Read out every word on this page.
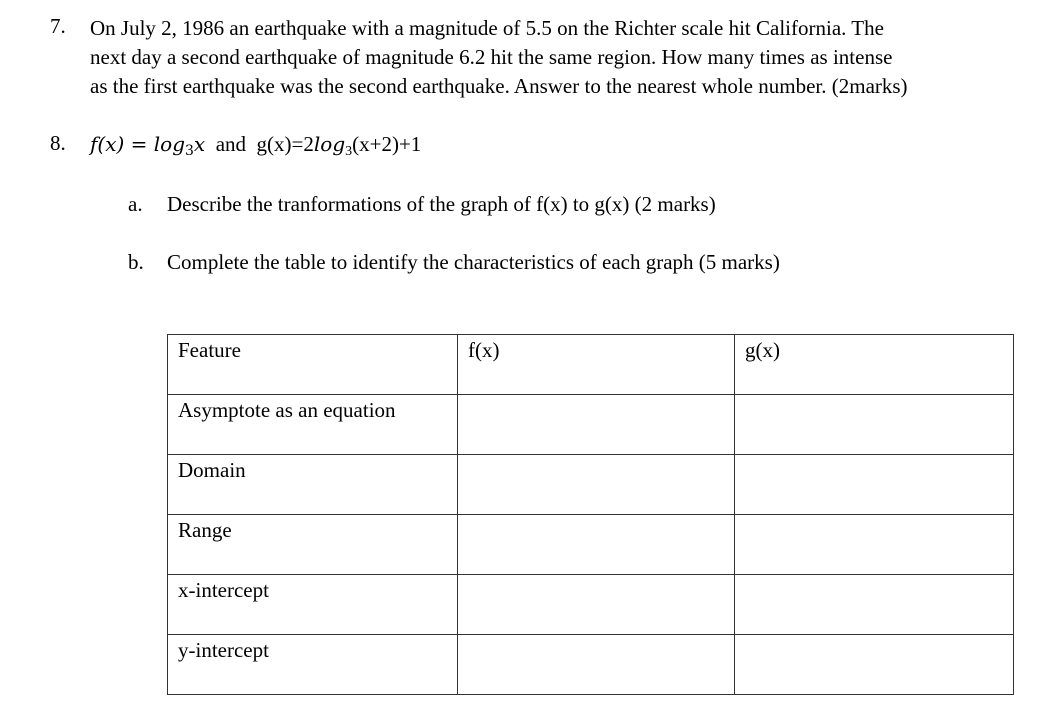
7. On July 2, 1986 an earthquake with a magnitude of 5.5 on the Richter scale hit California. The
next day a second earthquake of magnitude 6.2 hit the same region. How many times as intense
as the first earthquake was the second earthquake. Answer to the nearest whole number. (2marks)
8. $f(x) = \log_3x$ and $g(x)=2\log_3(x+2)+1$
a. Describe the tranformations of the graph of f(x) to g(x) (2 marks)
b. Complete the table to identify the characteristics of each graph (5 marks)
Feature	f(x)	g(x)
Asymptote as an equation		
Domain		
Range		
x-intercept		
y-intercept		
